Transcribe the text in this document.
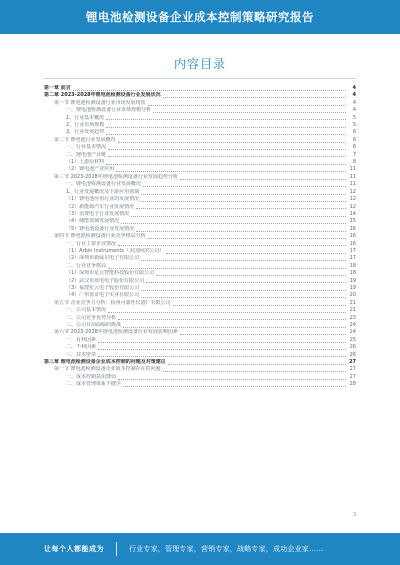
锂电池检测设备企业成本控制策略研究报告
内容目录
第一章 前言	4
第二章 2023-2028年锂电池检测设备行业发展状况	4
第一节 锂电池检测设备行业市场发展现状	4
一、锂电池检测设备行业市场规模分析	4
1、行业基本概况	5
2、行业市场规模	5
3、行业发展趋势	6
第二节 锂电池行业发展概况	6
一、行业基本情况	6
二、锂电池产业链	7
（1）上游原材料	8
（2）锂电池产业应用	11
第三节 2023-2028年锂电池检测设备行业发展趋势分析	11
一、锂电池检测设备行业发展概况	11
1、行业发展概况及下游应用领域	12
（1）锂电池应用行业的发展情况	12
（2）新能源汽车行业发展情况	12
（3）消费电子行业发展情况	14
（4）储能领域发展情况	15
（5）锂电池设备行业发展情况	16
第四节 锂电池检测设备行业竞争格局分析	16
一、行业主要企业情况	16
（1）Arbin Instruments（美国阿滨公司）	17
（2）深圳市新威尔电子有限公司	17
二、行业竞争格局	18
（1）深圳市星云智能科技股份有限公司	18
（2）武汉市蓝电电子股份有限公司	19
（3）福建星云电子股份有限公司	19
（4）广州蓝奇电子实业有限公司	20
第五节 企业竞争力分析：杭州可靠性仪器厂有限公司	21
一、公司基本情况	21
二、公司竞争优势分析	23
三、公司目前面临的挑战	24
第六节 2023-2028年锂电池检测设备行业发展影响因素	24
一、有利因素	25
二、不利因素	26
三、技术壁垒	26
第三章 锂电池检测设备企业成本控制的问题及对策建议	27
第一节 锂电池检测设备企业成本控制存在的问题	27
一、成本控制意识薄弱	27
二、成本管理体系不健全	28
3
让每个人都能成为	行业专家，管理专家，营销专家，战略专家，成功企业家……
